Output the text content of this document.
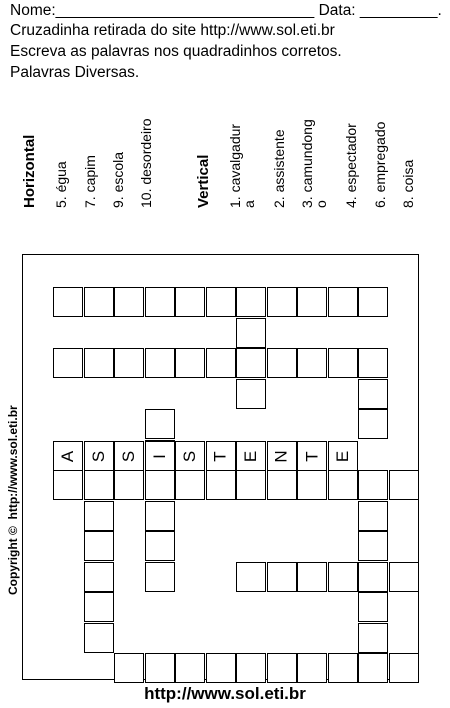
Nome:______________________________ Data: _________.
Cruzadinha retirada do site http://www.sol.eti.br
Escreva as palavras nos quadradinhos corretos.
Palavras Diversas.
Horizontal 5. égua 7. capim 9. escola 10. desordeiro	Vertical 1. cavalgadur
a 2. assistente 3. camundong
o 4. espectador 6. empregado 8. coisa
A S S I S T E N T E
Copyright ©  http://www.sol.eti.br
http://www.sol.eti.br
